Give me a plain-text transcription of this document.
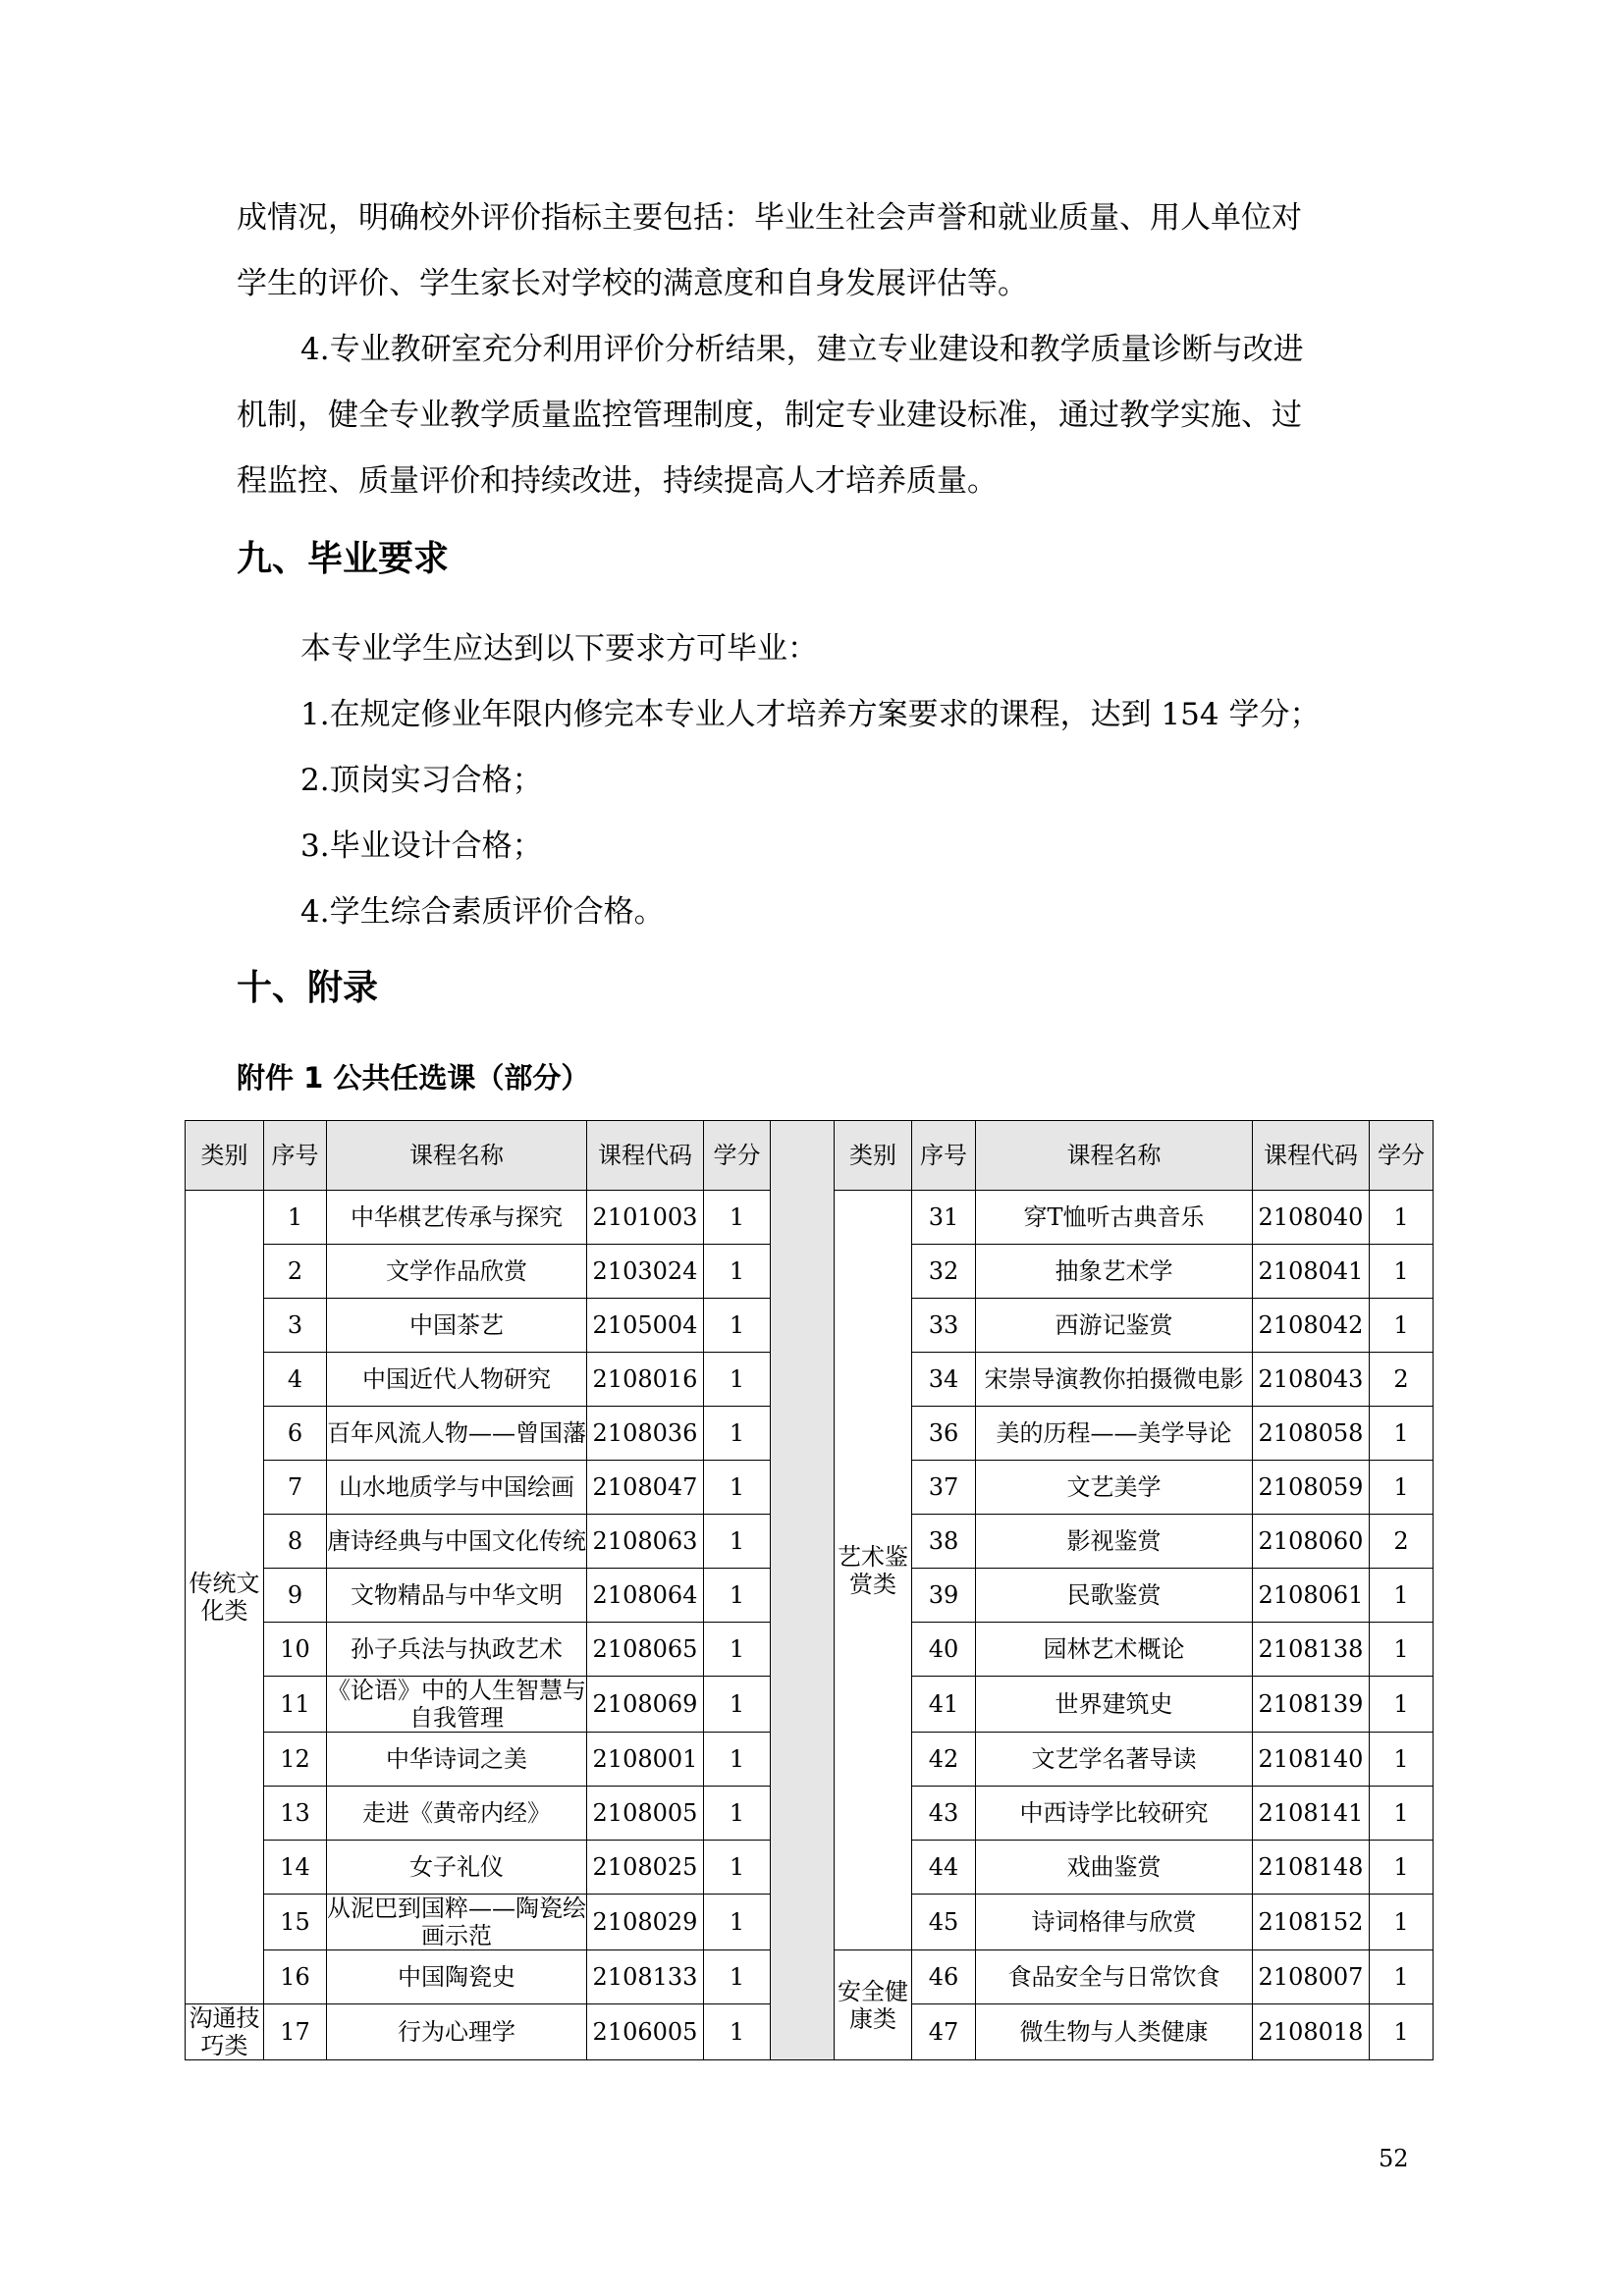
成情况，明确校外评价指标主要包括：毕业生社会声誉和就业质量、用人单位对
学生的评价、学生家长对学校的满意度和自身发展评估等。
4.专业教研室充分利用评价分析结果，建立专业建设和教学质量诊断与改进
机制，健全专业教学质量监控管理制度，制定专业建设标准，通过教学实施、过
程监控、质量评价和持续改进，持续提高人才培养质量。
九、毕业要求
本专业学生应达到以下要求方可毕业：
1.在规定修业年限内修完本专业人才培养方案要求的课程，达到 154 学分；
2.顶岗实习合格；
3.毕业设计合格；
4.学生综合素质评价合格。
十、附录
附件 1 公共任选课（部分）
类别	序号	课程名称	课程代码	学分		类别	序号	课程名称	课程代码	学分
传统文化类	1	中华棋艺传承与探究	2101003	1		艺术鉴赏类	31	穿T恤听古典音乐	2108040	1
	2	文学作品欣赏	2103024	1			32	抽象艺术学	2108041	1
	3	中国茶艺	2105004	1			33	西游记鉴赏	2108042	1
	4	中国近代人物研究	2108016	1			34	宋崇导演教你拍摄微电影	2108043	2
	6	百年风流人物——曾国藩	2108036	1			36	美的历程——美学导论	2108058	1
	7	山水地质学与中国绘画	2108047	1			37	文艺美学	2108059	1
	8	唐诗经典与中国文化传统	2108063	1			38	影视鉴赏	2108060	2
	9	文物精品与中华文明	2108064	1			39	民歌鉴赏	2108061	1
	10	孙子兵法与执政艺术	2108065	1			40	园林艺术概论	2108138	1
	11	《论语》中的人生智慧与自我管理	2108069	1			41	世界建筑史	2108139	1
	12	中华诗词之美	2108001	1			42	文艺学名著导读	2108140	1
	13	走进《黄帝内经》	2108005	1			43	中西诗学比较研究	2108141	1
	14	女子礼仪	2108025	1			44	戏曲鉴赏	2108148	1
	15	从泥巴到国粹——陶瓷绘画示范	2108029	1			45	诗词格律与欣赏	2108152	1
	16	中国陶瓷史	2108133	1		安全健康类	46	食品安全与日常饮食	2108007	1
沟通技巧类	17	行为心理学	2106005	1			47	微生物与人类健康	2108018	1
52
